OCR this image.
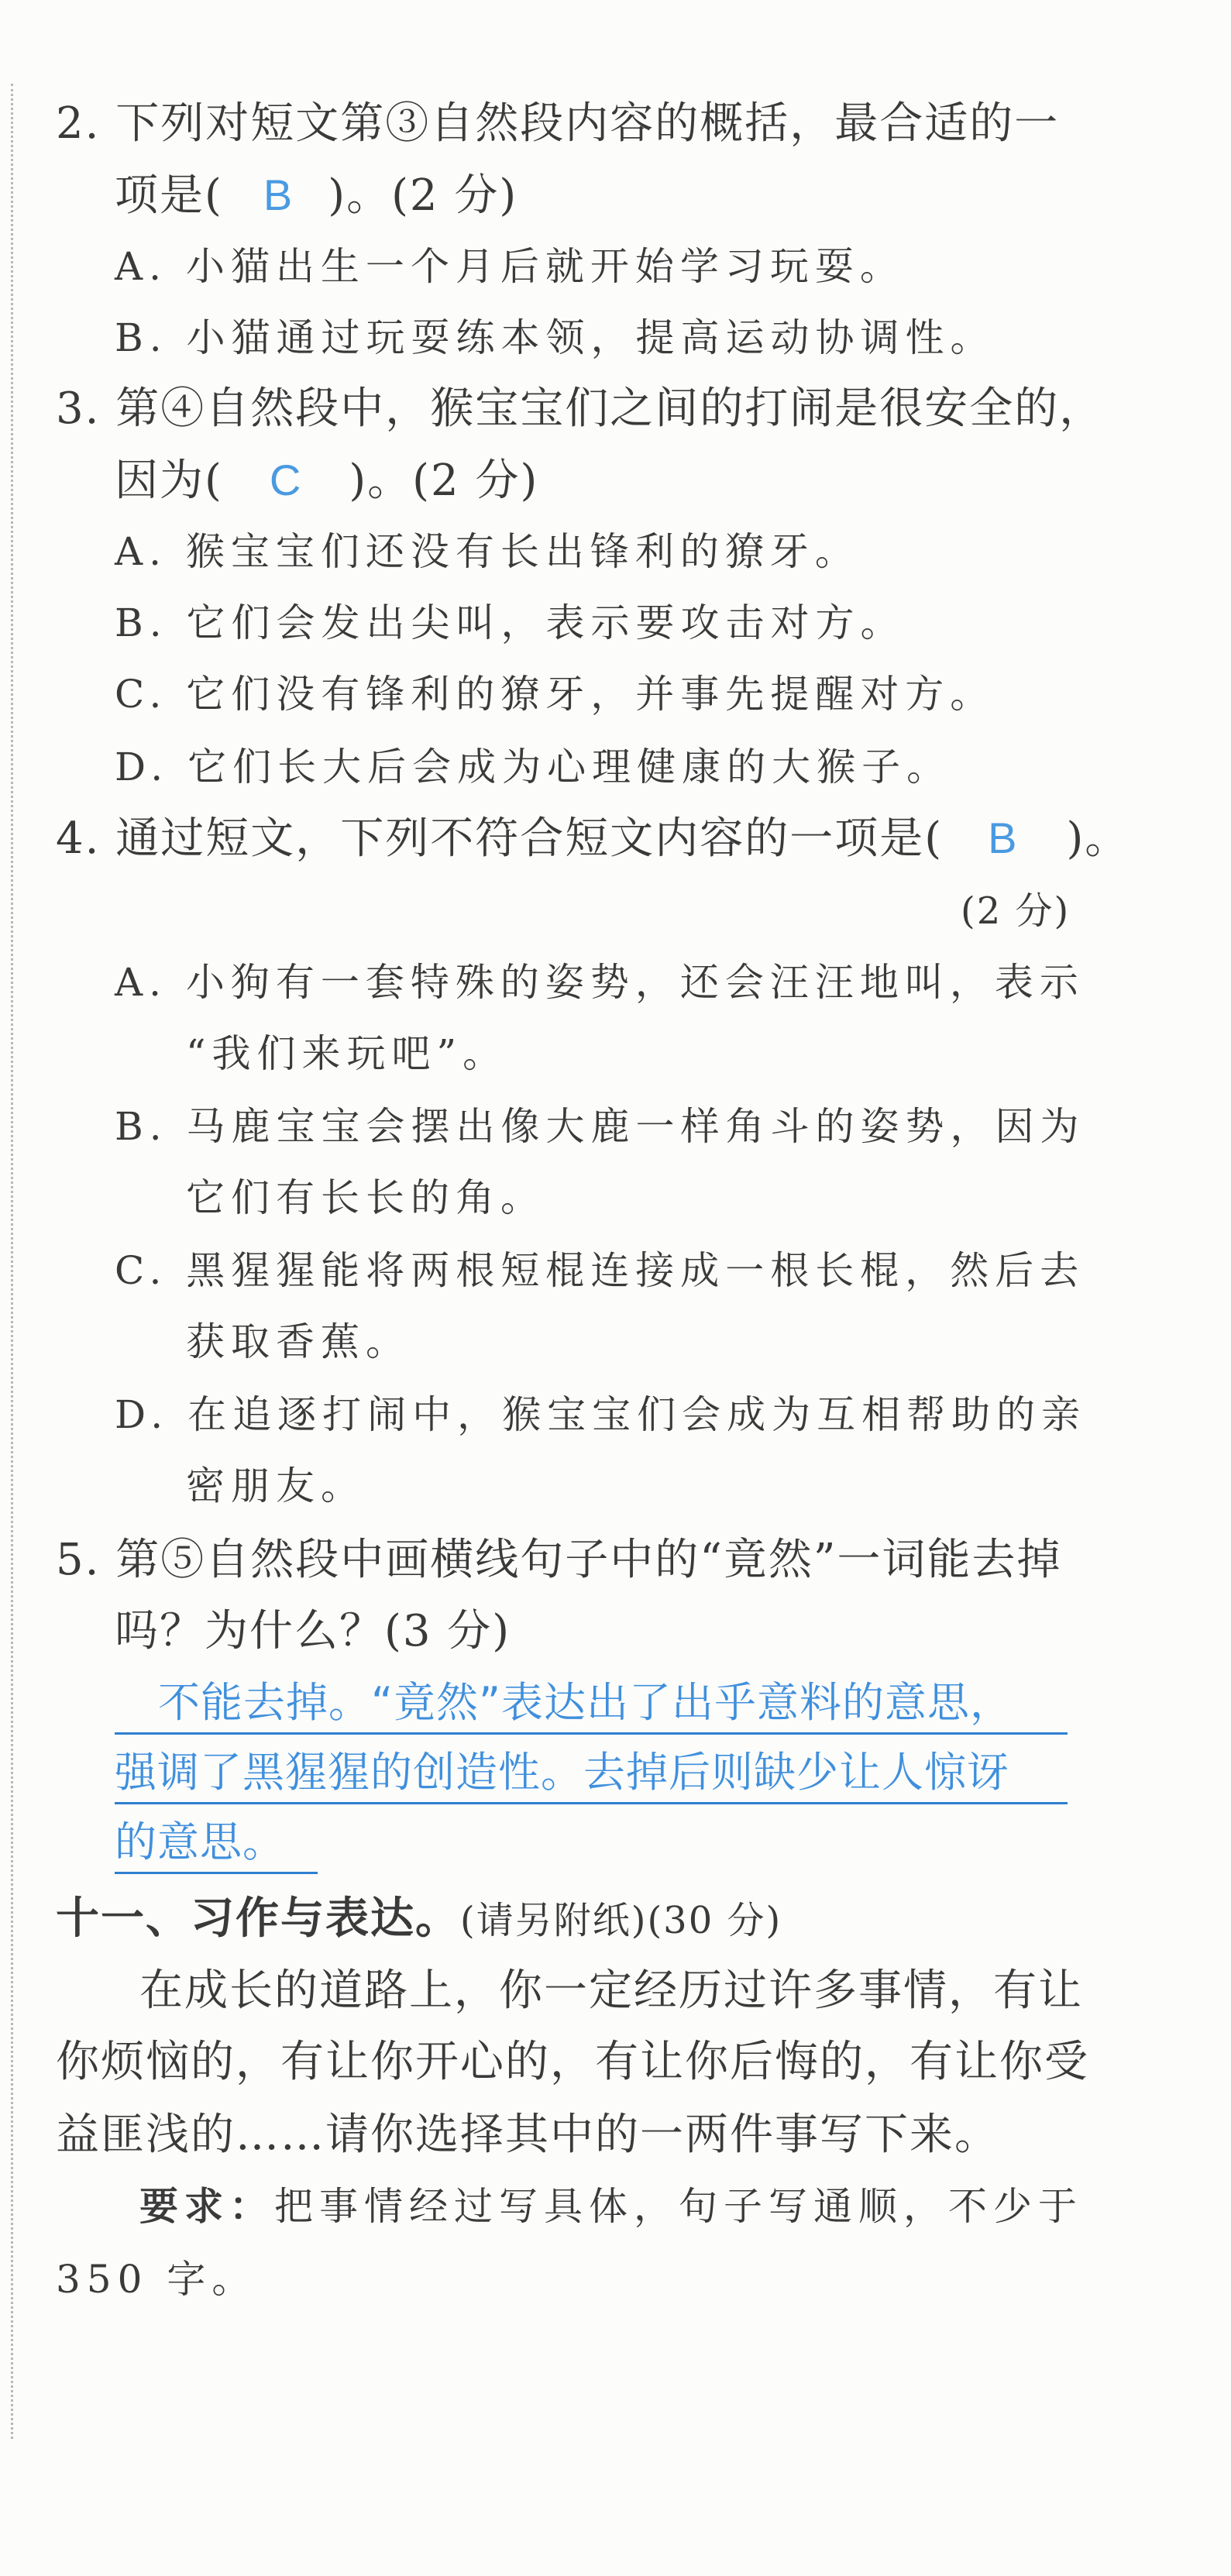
2. 下列对短文第③自然段内容的概括，最合适的一
项是( B )。(2 分)
A. 小猫出生一个月后就开始学习玩耍。
B. 小猫通过玩耍练本领，提高运动协调性。
3. 第④自然段中，猴宝宝们之间的打闹是很安全的，
因为( C )。(2 分)
A. 猴宝宝们还没有长出锋利的獠牙。
B. 它们会发出尖叫，表示要攻击对方。
C. 它们没有锋利的獠牙，并事先提醒对方。
D. 它们长大后会成为心理健康的大猴子。
4. 通过短文，下列不符合短文内容的一项是( B )。
(2 分)
A. 小狗有一套特殊的姿势，还会汪汪地叫，表示
“我们来玩吧”。
B. 马鹿宝宝会摆出像大鹿一样角斗的姿势，因为
它们有长长的角。
C. 黑猩猩能将两根短棍连接成一根长棍，然后去
获取香蕉。
D. 在追逐打闹中，猴宝宝们会成为互相帮助的亲
密朋友。
5. 第⑤自然段中画横线句子中的“竟然”一词能去掉
吗？为什么？(3 分)
不能去掉。“竟然”表达出了出乎意料的意思，
强调了黑猩猩的创造性。去掉后则缺少让人惊讶
的意思。
十一、习作与表达。(请另附纸)(30 分)
在成长的道路上，你一定经历过许多事情，有让
你烦恼的，有让你开心的，有让你后悔的，有让你受
益匪浅的……请你选择其中的一两件事写下来。
要求：把事情经过写具体，句子写通顺，不少于
350 字。
